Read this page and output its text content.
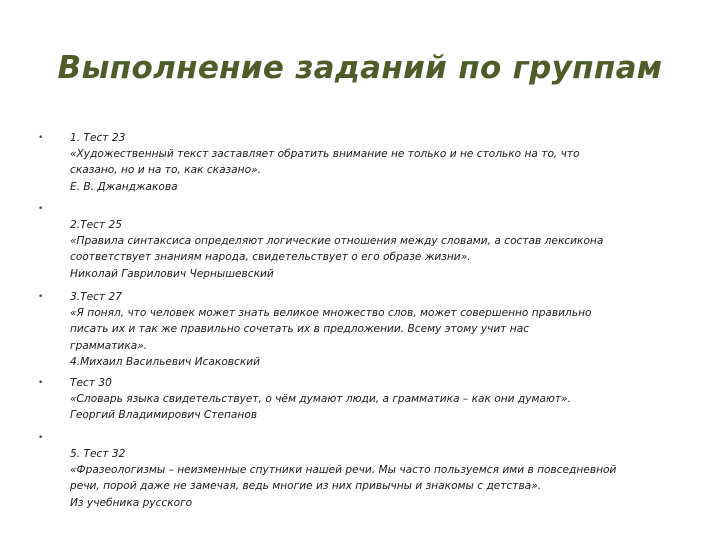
Выполнение заданий по группам
•
•
•
•
•
1. Тест 23
«Художественный текст заставляет обратить внимание не только и не столько на то, что
сказано, но и на то, как сказано».
Е. В. Джанджакова
2.Тест 25
«Правила синтаксиса определяют логические отношения между словами, а состав лексикона
соответствует знаниям народа, свидетельствует о его образе жизни».
Николай Гаврилович Чернышевский
3.Тест 27
«Я понял, что человек может знать великое множество слов, может совершенно правильно
писать их и так же правильно сочетать их в предложении. Всему этому учит нас
грамматика».
4.Михаил Васильевич Исаковский
Тест 30
«Словарь языка свидетельствует, о чём думают люди, а грамматика – как они думают».
Георгий Владимирович Степанов
5. Тест 32
«Фразеологизмы – неизменные спутники нашей речи. Мы часто пользуемся ими в повседневной
речи, порой даже не замечая, ведь многие из них привычны и знакомы с детства».
Из учебника русского
